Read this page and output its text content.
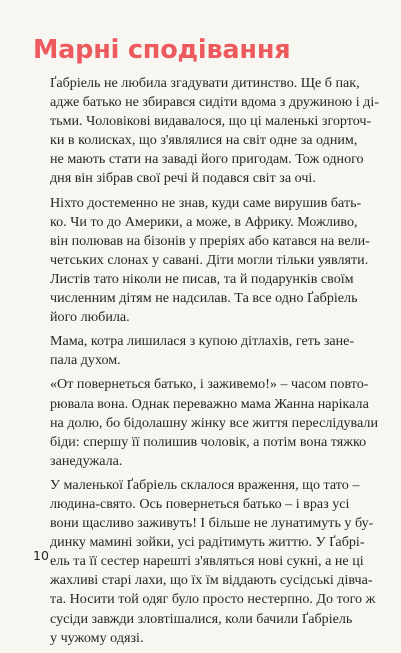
Марні сподівання

Ґабріель не любила згадувати дитинство. Ще б пак,
адже батько не збирався сидіти вдома з дружиною і ді-
тьми. Чоловікові видавалося, що ці маленькі згорточ-
ки в колисках, що з'являлися на світ одне за одним,
не мають стати на заваді його пригодам. Тож одного
дня він зібрав свої речі й подався світ за очі.

Ніхто достеменно не знав, куди саме вирушив бать-
ко. Чи то до Америки, а може, в Африку. Можливо,
він полював на бізонів у преріях або катався на вели-
четських слонах у савані. Діти могли тільки уявляти.
Листів тато ніколи не писав, та й подарунків своїм
численним дітям не надсилав. Та все одно Ґабріель
його любила.

Мама, котра лишилася з купою дітлахів, геть зане-
пала духом.

«От повернеться батько, і заживемо!» – часом повто-
рювала вона. Однак переважно мама Жанна нарікала
на долю, бо бідолашну жінку все життя переслідували
біди: спершу її полишив чоловік, а потім вона тяжко
занедужала.

У маленької Ґабріель склалося враження, що тато –
людина-свято. Ось повернеться батько – і враз усі
вони щасливо заживуть! І більше не лунатимуть у бу-
динку мамині зойки, усі радітимуть життю. У Ґабрі-
ель та її сестер нарешті з'являться нові сукні, а не ці
жахливі старі лахи, що їх їм віддають сусідські дівча-
та. Носити той одяг було просто нестерпно. До того ж
сусіди завжди зловтішалися, коли бачили Ґабріель
у чужому одязі.

10
